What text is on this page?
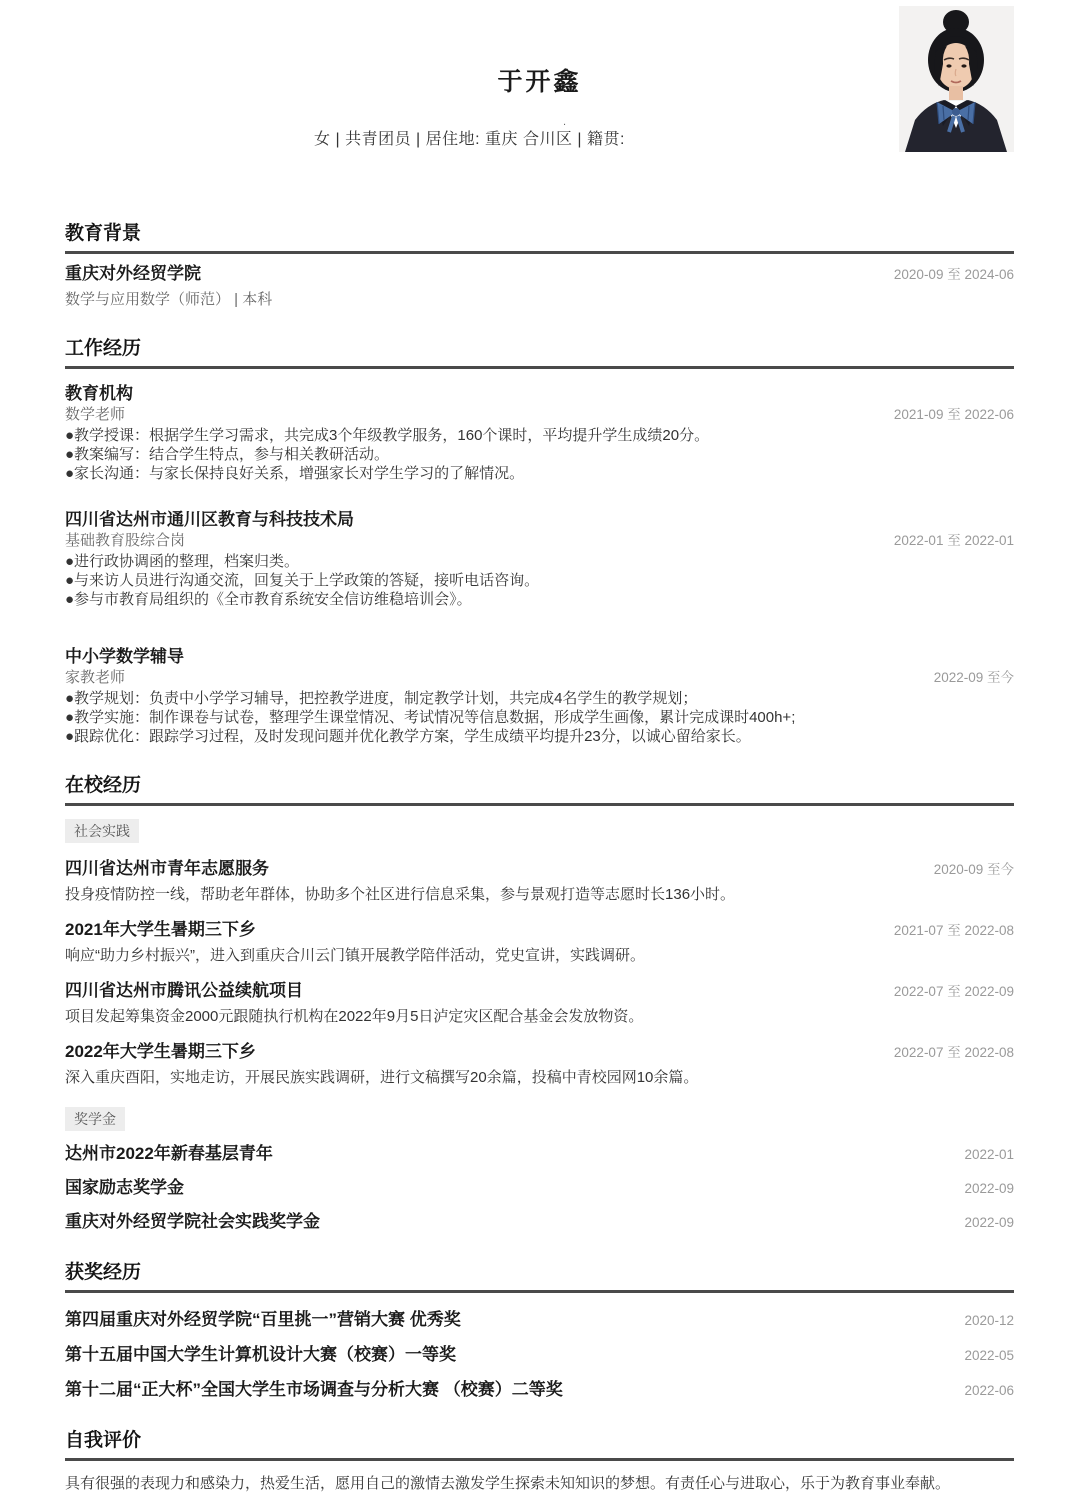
于开鑫
.
女 | 共青团员 | 居住地: 重庆 合川区 | 籍贯:
教育背景
重庆对外经贸学院	2020-09 至 2024-06
数学与应用数学（师范） | 本科
工作经历
教育机构
数学老师	2021-09 至 2022-06
●教学授课：根据学生学习需求，共完成3个年级教学服务，160个课时，平均提升学生成绩20分。
●教案编写：结合学生特点，参与相关教研活动。
●家长沟通：与家长保持良好关系，增强家长对学生学习的了解情况。
四川省达州市通川区教育与科技技术局
基础教育股综合岗	2022-01 至 2022-01
●进行政协调函的整理，档案归类。
●与来访人员进行沟通交流，回复关于上学政策的答疑，接听电话咨询。
●参与市教育局组织的《全市教育系统安全信访维稳培训会》。
中小学数学辅导
家教老师	2022-09 至今
●教学规划：负责中小学学习辅导，把控教学进度，制定教学计划，共完成4名学生的教学规划；
●教学实施：制作课卷与试卷，整理学生课堂情况、考试情况等信息数据，形成学生画像，累计完成课时400h+;
●跟踪优化：跟踪学习过程，及时发现问题并优化教学方案，学生成绩平均提升23分，以诚心留给家长。
在校经历
社会实践
四川省达州市青年志愿服务	2020-09 至今
投身疫情防控一线，帮助老年群体，协助多个社区进行信息采集，参与景观打造等志愿时长136小时。
2021年大学生暑期三下乡	2021-07 至 2022-08
响应“助力乡村振兴”，进入到重庆合川云门镇开展教学陪伴活动，党史宣讲，实践调研。
四川省达州市腾讯公益续航项目	2022-07 至 2022-09
项目发起筹集资金2000元跟随执行机构在2022年9月5日泸定灾区配合基金会发放物资。
2022年大学生暑期三下乡	2022-07 至 2022-08
深入重庆酉阳，实地走访，开展民族实践调研，进行文稿撰写20余篇，投稿中青校园网10余篇。
奖学金
达州市2022年新春基层青年	2022-01
国家励志奖学金	2022-09
重庆对外经贸学院社会实践奖学金	2022-09
获奖经历
第四届重庆对外经贸学院“百里挑一”营销大赛 优秀奖	2020-12
第十五届中国大学生计算机设计大赛（校赛）一等奖	2022-05
第十二届“正大杯”全国大学生市场调查与分析大赛 （校赛）二等奖	2022-06
自我评价
具有很强的表现力和感染力，热爱生活，愿用自己的激情去激发学生探索未知知识的梦想。有责任心与进取心，乐于为教育事业奉献。
